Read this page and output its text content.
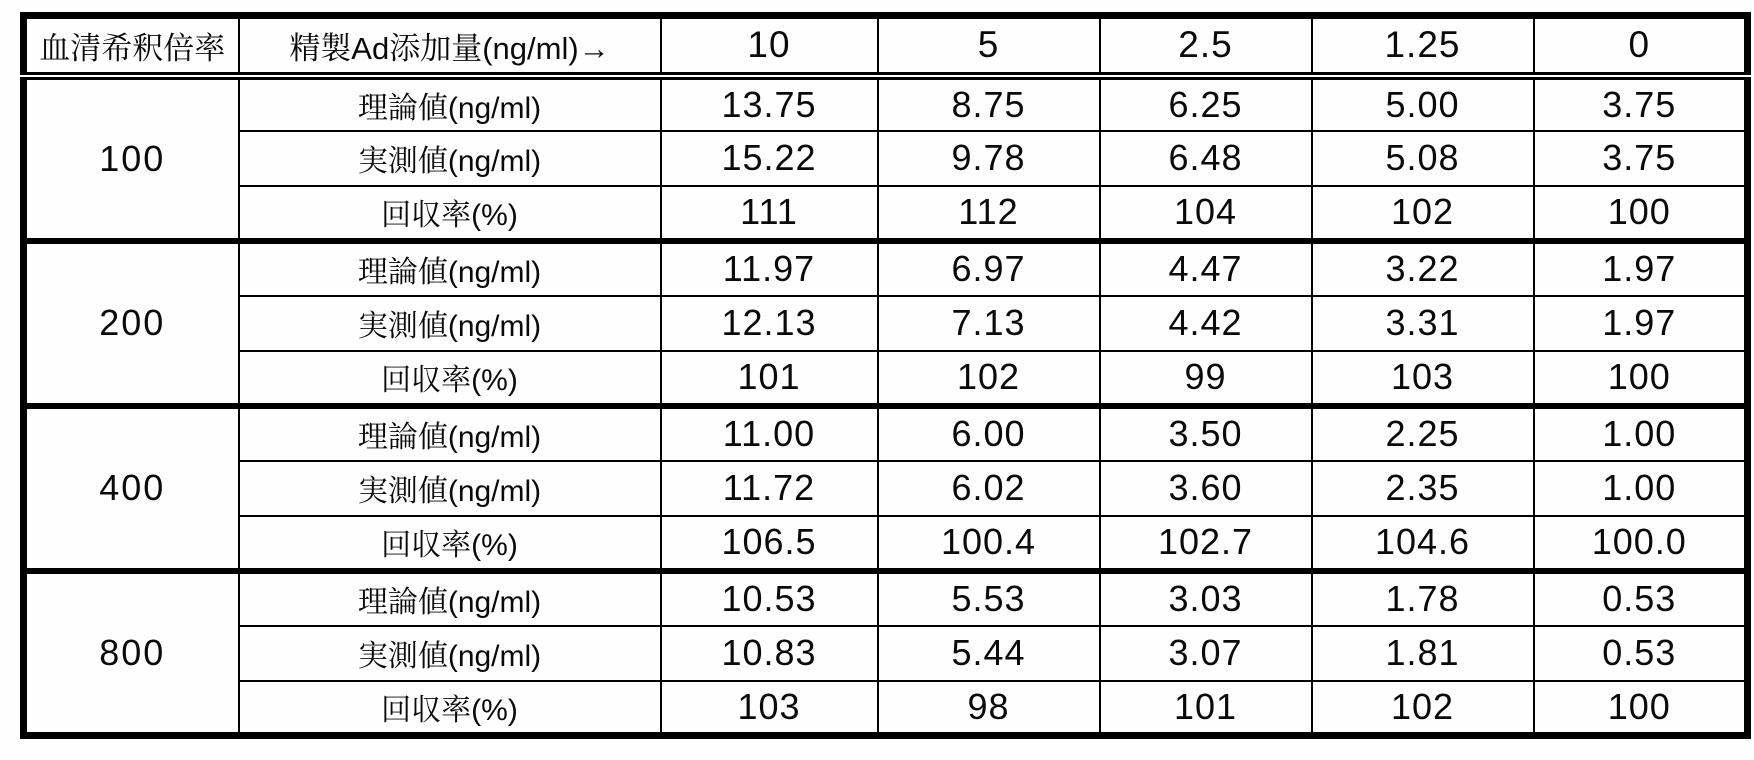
血清希釈倍率	精製Ad添加量(ng/ml)→	10	5	2.5	1.25	0
100	理論値(ng/ml)	13.75	8.75	6.25	5.00	3.75
	実測値(ng/ml)	15.22	9.78	6.48	5.08	3.75
	回収率(%)	111	112	104	102	100
200	理論値(ng/ml)	11.97	6.97	4.47	3.22	1.97
	実測値(ng/ml)	12.13	7.13	4.42	3.31	1.97
	回収率(%)	101	102	99	103	100
400	理論値(ng/ml)	11.00	6.00	3.50	2.25	1.00
	実測値(ng/ml)	11.72	6.02	3.60	2.35	1.00
	回収率(%)	106.5	100.4	102.7	104.6	100.0
800	理論値(ng/ml)	10.53	5.53	3.03	1.78	0.53
	実測値(ng/ml)	10.83	5.44	3.07	1.81	0.53
	回収率(%)	103	98	101	102	100
